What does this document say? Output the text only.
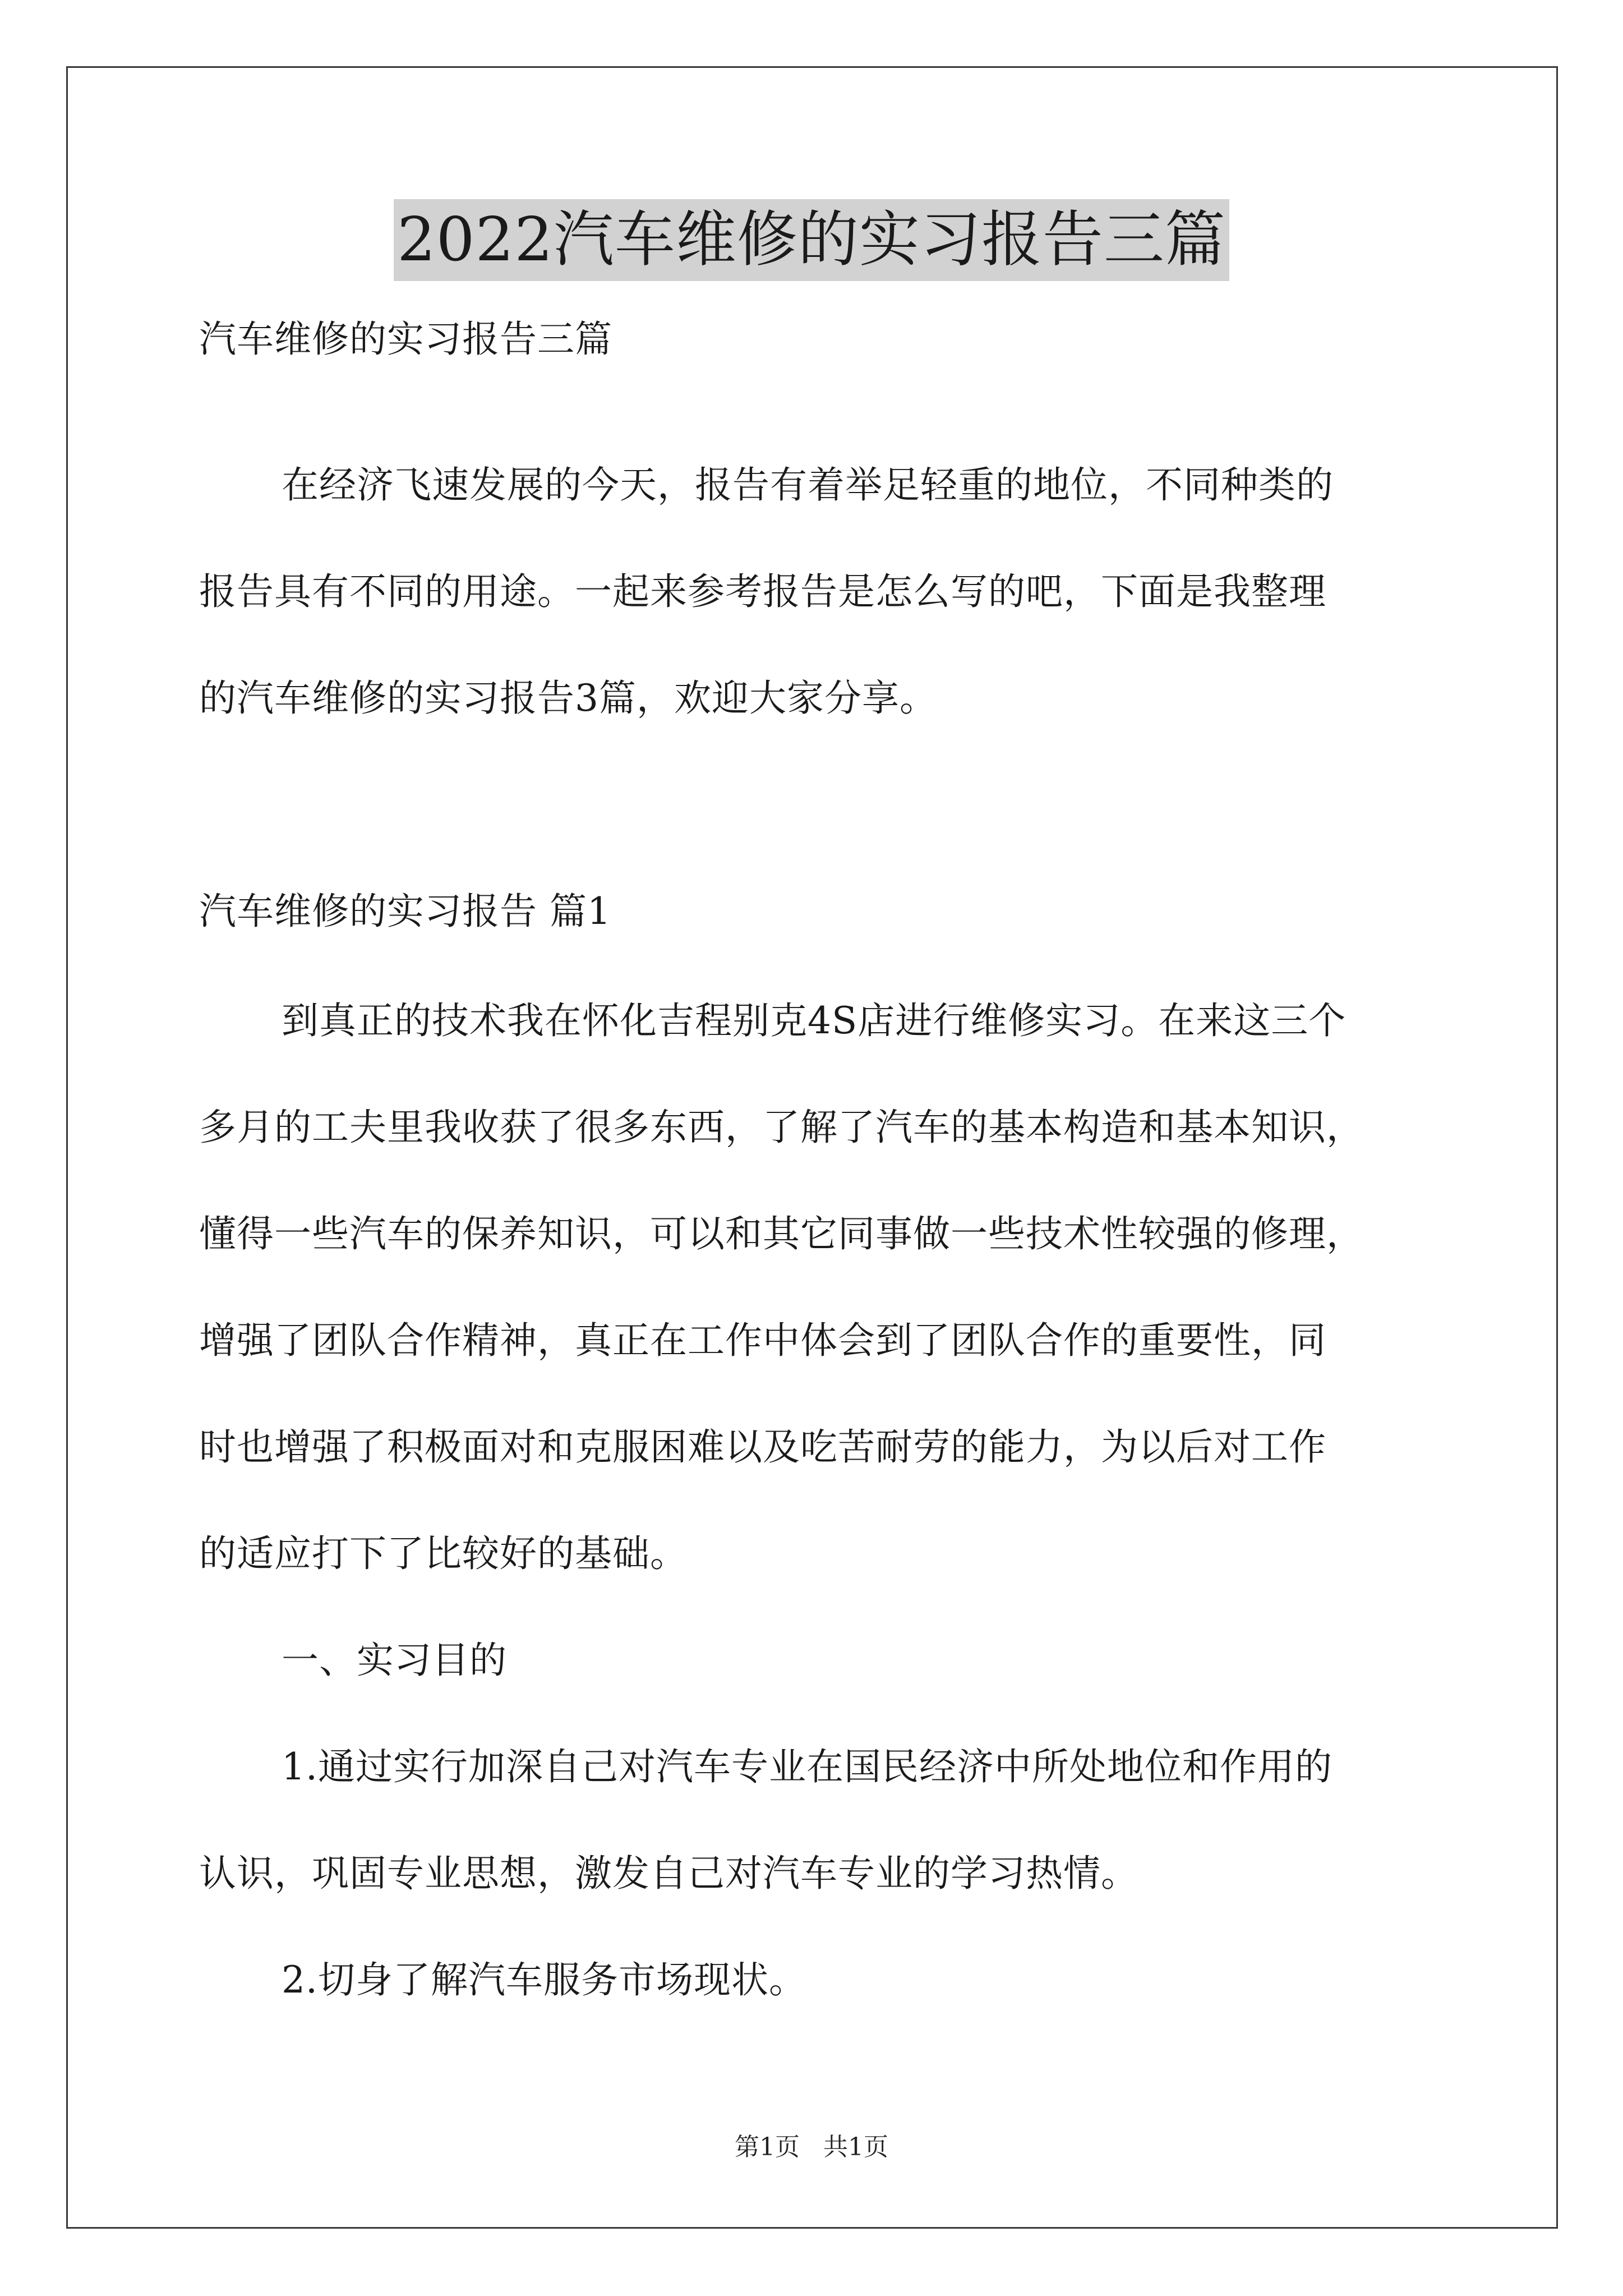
2022汽车维修的实习报告三篇
汽车维修的实习报告三篇
在经济飞速发展的今天，报告有着举足轻重的地位，不同种类的
报告具有不同的用途。一起来参考报告是怎么写的吧，下面是我整理
的汽车维修的实习报告3篇，欢迎大家分享。
汽车维修的实习报告 篇1
到真正的技术我在怀化吉程别克4S店进行维修实习。在来这三个
多月的工夫里我收获了很多东西，了解了汽车的基本构造和基本知识，
懂得一些汽车的保养知识，可以和其它同事做一些技术性较强的修理，
增强了团队合作精神，真正在工作中体会到了团队合作的重要性，同
时也增强了积极面对和克服困难以及吃苦耐劳的能力，为以后对工作
的适应打下了比较好的基础。
一、实习目的
1.通过实行加深自己对汽车专业在国民经济中所处地位和作用的
认识，巩固专业思想，激发自己对汽车专业的学习热情。
2.切身了解汽车服务市场现状。
第1页   共1页
